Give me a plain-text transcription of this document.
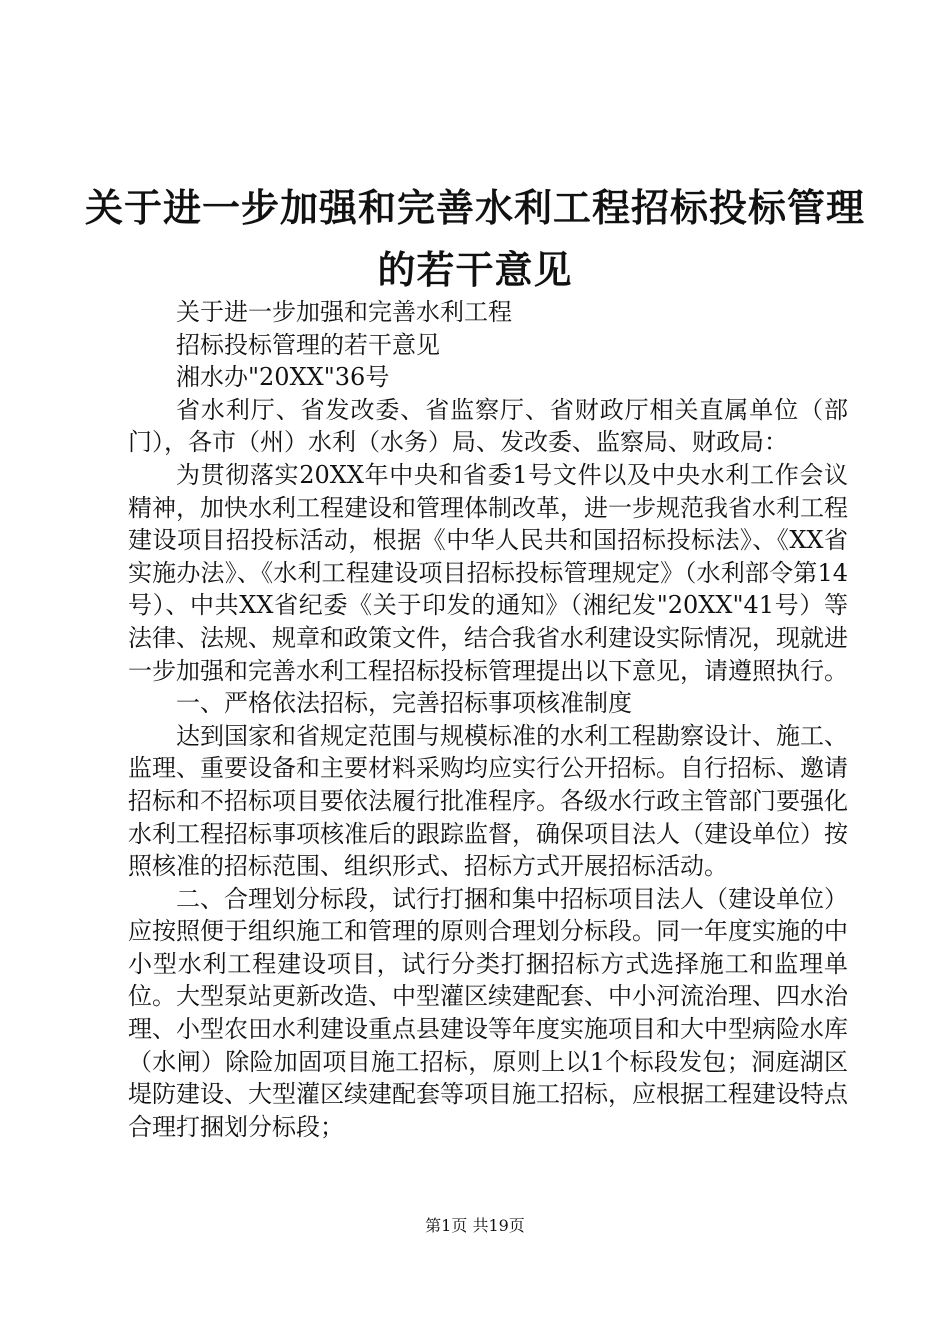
关于进一步加强和完善水利工程招标投标管理
的若干意见

关于进一步加强和完善水利工程

招标投标管理的若干意见

湘水办"20XX"36号

省水利厅、省发改委、省监察厅、省财政厅相关直属单位（部门），各市（州）水利（水务）局、发改委、监察局、财政局：

为贯彻落实20XX年中央和省委1号文件以及中央水利工作会议精神，加快水利工程建设和管理体制改革，进一步规范我省水利工程建设项目招投标活动，根据《中华人民共和国招标投标法》、《XX省实施办法》、《水利工程建设项目招标投标管理规定》（水利部令第14号）、中共XX省纪委《关于印发的通知》（湘纪发"20XX"41号）等法律、法规、规章和政策文件，结合我省水利建设实际情况，现就进一步加强和完善水利工程招标投标管理提出以下意见，请遵照执行。

一、严格依法招标，完善招标事项核准制度

达到国家和省规定范围与规模标准的水利工程勘察设计、施工、监理、重要设备和主要材料采购均应实行公开招标。自行招标、邀请招标和不招标项目要依法履行批准程序。各级水行政主管部门要强化水利工程招标事项核准后的跟踪监督，确保项目法人（建设单位）按照核准的招标范围、组织形式、招标方式开展招标活动。

二、合理划分标段，试行打捆和集中招标项目法人（建设单位）应按照便于组织施工和管理的原则合理划分标段。同一年度实施的中小型水利工程建设项目，试行分类打捆招标方式选择施工和监理单位。大型泵站更新改造、中型灌区续建配套、中小河流治理、四水治理、小型农田水利建设重点县建设等年度实施项目和大中型病险水库（水闸）除险加固项目施工招标，原则上以1个标段发包；洞庭湖区堤防建设、大型灌区续建配套等项目施工招标，应根据工程建设特点合理打捆划分标段；

第1页 共19页
